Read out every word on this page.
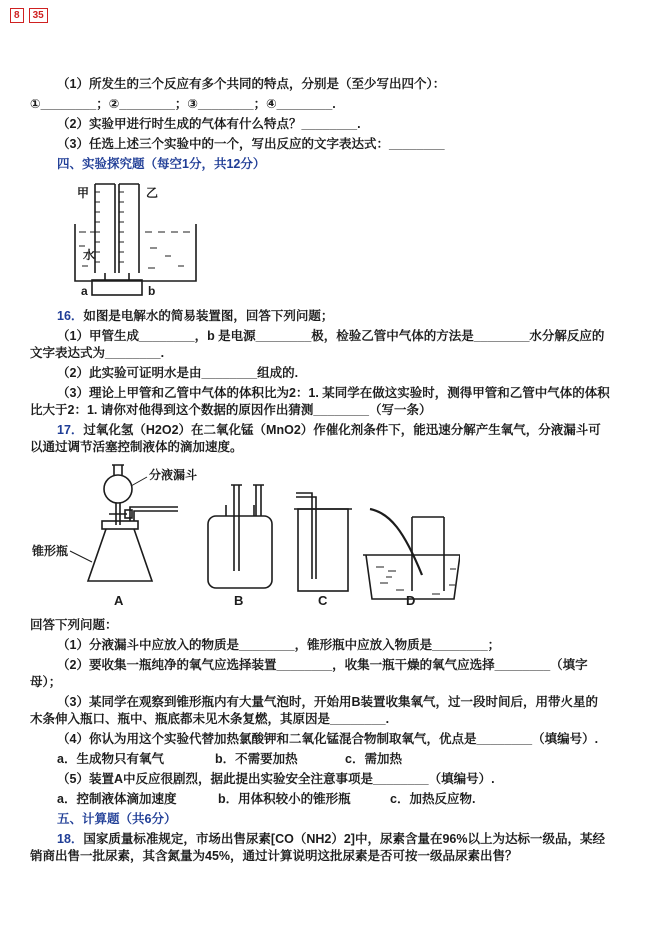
8	35

（1）所发生的三个反应有多个共同的特点，分别是（至少写出四个）：

①________；②________；③________；④________.

（2）实验甲进行时生成的气体有什么特点？________.

（3）任选上述三个实验中的一个，写出反应的文字表达式：________

四、实验探究题（每空1分，共12分）

甲	乙
水
a	b

16．如图是电解水的简易装置图，回答下列问题；

（1）甲管生成________，b 是电源________极，检验乙管中气体的方法是________水分解反应的文字表达式为________.

（2）此实验可证明水是由________组成的.

（3）理论上甲管和乙管中气体的体积比为2：1. 某同学在做这实验时，测得甲管和乙管中气体的体积比大于2：1. 请你对他得到这个数据的原因作出猜测________（写一条）

17．过氧化氢（H2O2）在二氧化锰（MnO2）作催化剂条件下，能迅速分解产生氧气，分液漏斗可以通过调节活塞控制液体的滴加速度。

分液漏斗
锥形瓶
A	B	C	D

回答下列问题：

（1）分液漏斗中应放入的物质是________，锥形瓶中应放入物质是________；

（2）要收集一瓶纯净的氧气应选择装置________，收集一瓶干燥的氧气应选择________（填字母）；

（3）某同学在观察到锥形瓶内有大量气泡时，开始用B装置收集氧气，过一段时间后，用带火星的木条伸入瓶口、瓶中、瓶底都未见木条复燃，其原因是________.

（4）你认为用这个实验代替加热氯酸钾和二氧化锰混合物制取氧气，优点是________（填编号）.

a．生成物只有氧气	b．不需要加热	c．需加热

（5）装置A中反应很剧烈，据此提出实验安全注意事项是________（填编号）.

a．控制液体滴加速度	b．用体积较小的锥形瓶	c．加热反应物.

五、计算题（共6分）

18．国家质量标准规定，市场出售尿素[CO（NH2）2]中，尿素含量在96%以上为达标一级品，某经销商出售一批尿素，其含氮量为45%，通过计算说明这批尿素是否可按一级品尿素出售？
